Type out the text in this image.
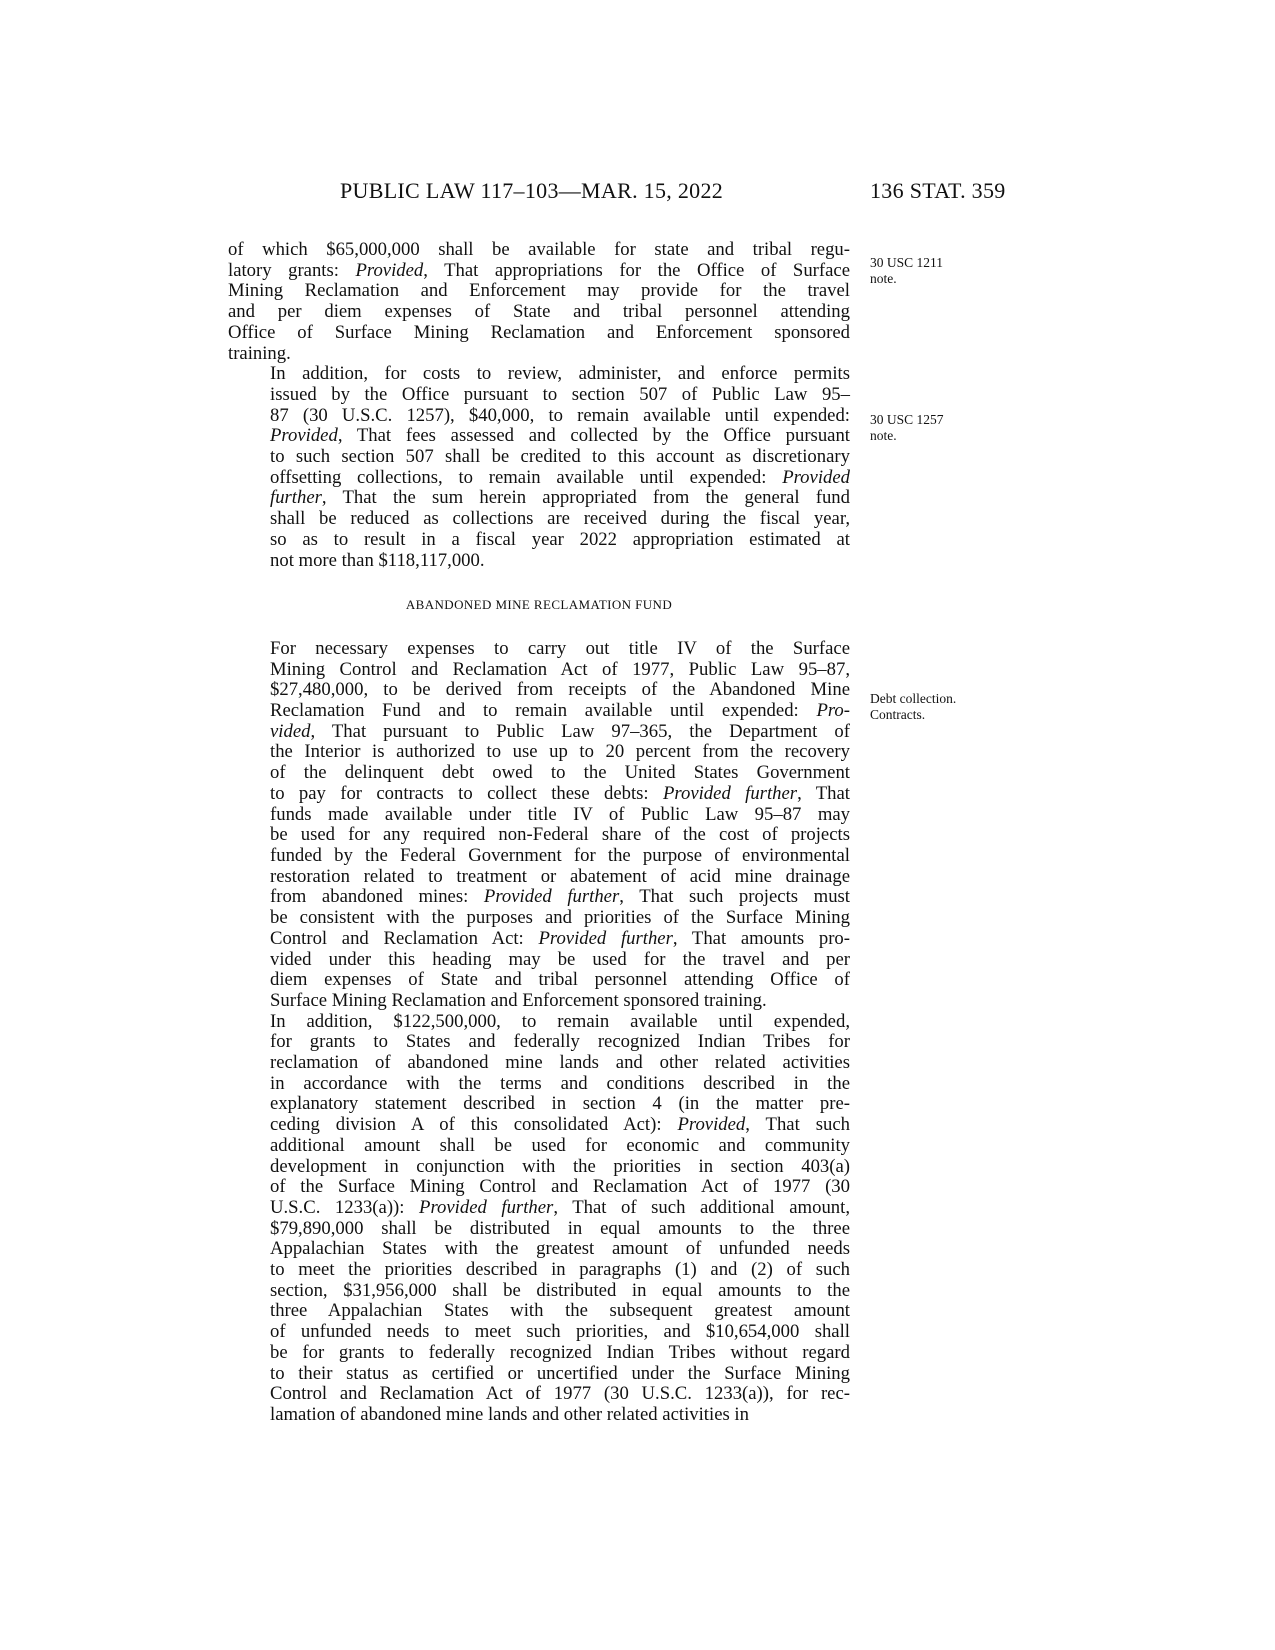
PUBLIC LAW 117–103—MAR. 15, 2022	136 STAT. 359

of which $65,000,000 shall be available for state and tribal regu-
latory grants: Provided, That appropriations for the Office of Surface
Mining Reclamation and Enforcement may provide for the travel
and per diem expenses of State and tribal personnel attending
Office of Surface Mining Reclamation and Enforcement sponsored
training.

In addition, for costs to review, administer, and enforce permits
issued by the Office pursuant to section 507 of Public Law 95–
87 (30 U.S.C. 1257), $40,000, to remain available until expended:
Provided, That fees assessed and collected by the Office pursuant
to such section 507 shall be credited to this account as discretionary
offsetting collections, to remain available until expended: Provided
further, That the sum herein appropriated from the general fund
shall be reduced as collections are received during the fiscal year,
so as to result in a fiscal year 2022 appropriation estimated at
not more than $118,117,000.

ABANDONED MINE RECLAMATION FUND

For necessary expenses to carry out title IV of the Surface
Mining Control and Reclamation Act of 1977, Public Law 95–87,
$27,480,000, to be derived from receipts of the Abandoned Mine
Reclamation Fund and to remain available until expended: Pro-
vided, That pursuant to Public Law 97–365, the Department of
the Interior is authorized to use up to 20 percent from the recovery
of the delinquent debt owed to the United States Government
to pay for contracts to collect these debts: Provided further, That
funds made available under title IV of Public Law 95–87 may
be used for any required non-Federal share of the cost of projects
funded by the Federal Government for the purpose of environmental
restoration related to treatment or abatement of acid mine drainage
from abandoned mines: Provided further, That such projects must
be consistent with the purposes and priorities of the Surface Mining
Control and Reclamation Act: Provided further, That amounts pro-
vided under this heading may be used for the travel and per
diem expenses of State and tribal personnel attending Office of
Surface Mining Reclamation and Enforcement sponsored training.

In addition, $122,500,000, to remain available until expended,
for grants to States and federally recognized Indian Tribes for
reclamation of abandoned mine lands and other related activities
in accordance with the terms and conditions described in the
explanatory statement described in section 4 (in the matter pre-
ceding division A of this consolidated Act): Provided, That such
additional amount shall be used for economic and community
development in conjunction with the priorities in section 403(a)
of the Surface Mining Control and Reclamation Act of 1977 (30
U.S.C. 1233(a)): Provided further, That of such additional amount,
$79,890,000 shall be distributed in equal amounts to the three
Appalachian States with the greatest amount of unfunded needs
to meet the priorities described in paragraphs (1) and (2) of such
section, $31,956,000 shall be distributed in equal amounts to the
three Appalachian States with the subsequent greatest amount
of unfunded needs to meet such priorities, and $10,654,000 shall
be for grants to federally recognized Indian Tribes without regard
to their status as certified or uncertified under the Surface Mining
Control and Reclamation Act of 1977 (30 U.S.C. 1233(a)), for rec-
lamation of abandoned mine lands and other related activities in

30 USC 1211
note.
30 USC 1257
note.
Debt collection.
Contracts.
